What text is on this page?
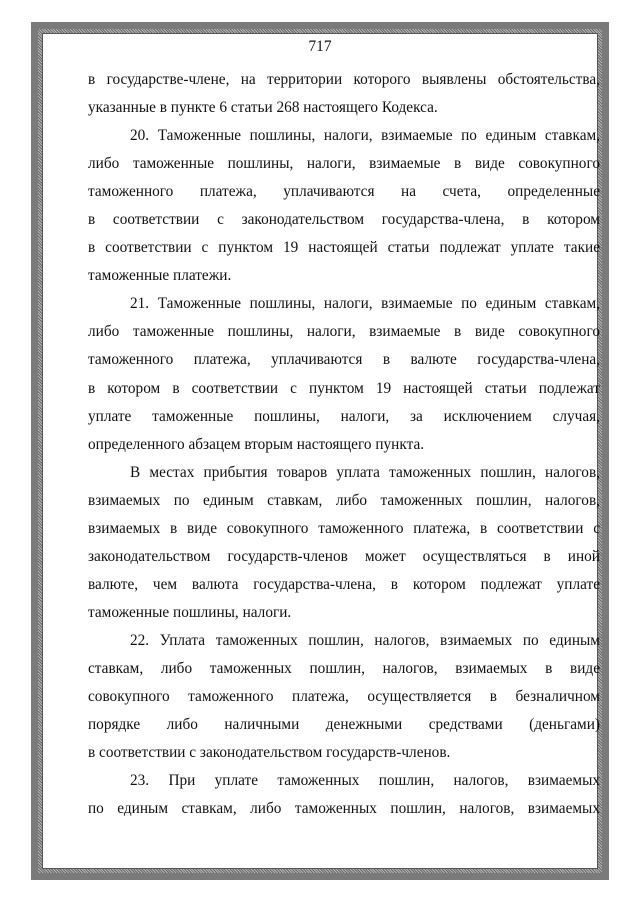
717
в государстве-члене, на территории которого выявлены обстоятельства,
указанные в пункте 6 статьи 268 настоящего Кодекса.
20. Таможенные пошлины, налоги, взимаемые по единым ставкам,
либо таможенные пошлины, налоги, взимаемые в виде совокупного
таможенного платежа, уплачиваются на счета, определенные
в соответствии с законодательством государства-члена, в котором
в соответствии с пунктом 19 настоящей статьи подлежат уплате такие
таможенные платежи.
21. Таможенные пошлины, налоги, взимаемые по единым ставкам,
либо таможенные пошлины, налоги, взимаемые в виде совокупного
таможенного платежа, уплачиваются в валюте государства-члена,
в котором в соответствии с пунктом 19 настоящей статьи подлежат
уплате таможенные пошлины, налоги, за исключением случая,
определенного абзацем вторым настоящего пункта.
В местах прибытия товаров уплата таможенных пошлин, налогов,
взимаемых по единым ставкам, либо таможенных пошлин, налогов,
взимаемых в виде совокупного таможенного платежа, в соответствии с
законодательством государств-членов может осуществляться в иной
валюте, чем валюта государства-члена, в котором подлежат уплате
таможенные пошлины, налоги.
22. Уплата таможенных пошлин, налогов, взимаемых по единым
ставкам, либо таможенных пошлин, налогов, взимаемых в виде
совокупного таможенного платежа, осуществляется в безналичном
порядке либо наличными денежными средствами (деньгами)
в соответствии с законодательством государств-членов.
23. При уплате таможенных пошлин, налогов, взимаемых
по единым ставкам, либо таможенных пошлин, налогов, взимаемых
